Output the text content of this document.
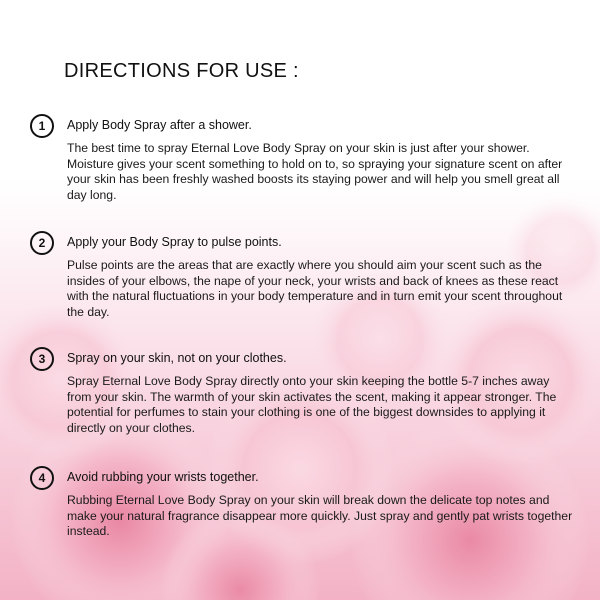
DIRECTIONS FOR USE :
1	Apply Body Spray after a shower.

The best time to spray Eternal Love Body Spray on your skin is just after your shower. Moisture gives your scent something to hold on to, so spraying your signature scent on after your skin has been freshly washed boosts its staying power and will help you smell great all day long.

2	Apply your Body Spray to pulse points.

Pulse points are the areas that are exactly where you should aim your scent such as the insides of your elbows, the nape of your neck, your wrists and back of knees as these react with the natural fluctuations in your body temperature and in turn emit your scent throughout the day.

3	Spray on your skin, not on your clothes.

Spray Eternal Love Body Spray directly onto your skin keeping the bottle 5-7 inches away from your skin. The warmth of your skin activates the scent, making it appear stronger. The potential for perfumes to stain your clothing is one of the biggest downsides to applying it directly on your clothes.

4	Avoid rubbing your wrists together.

Rubbing Eternal Love Body Spray on your skin will break down the delicate top notes and make your natural fragrance disappear more quickly. Just spray and gently pat wrists together instead.
